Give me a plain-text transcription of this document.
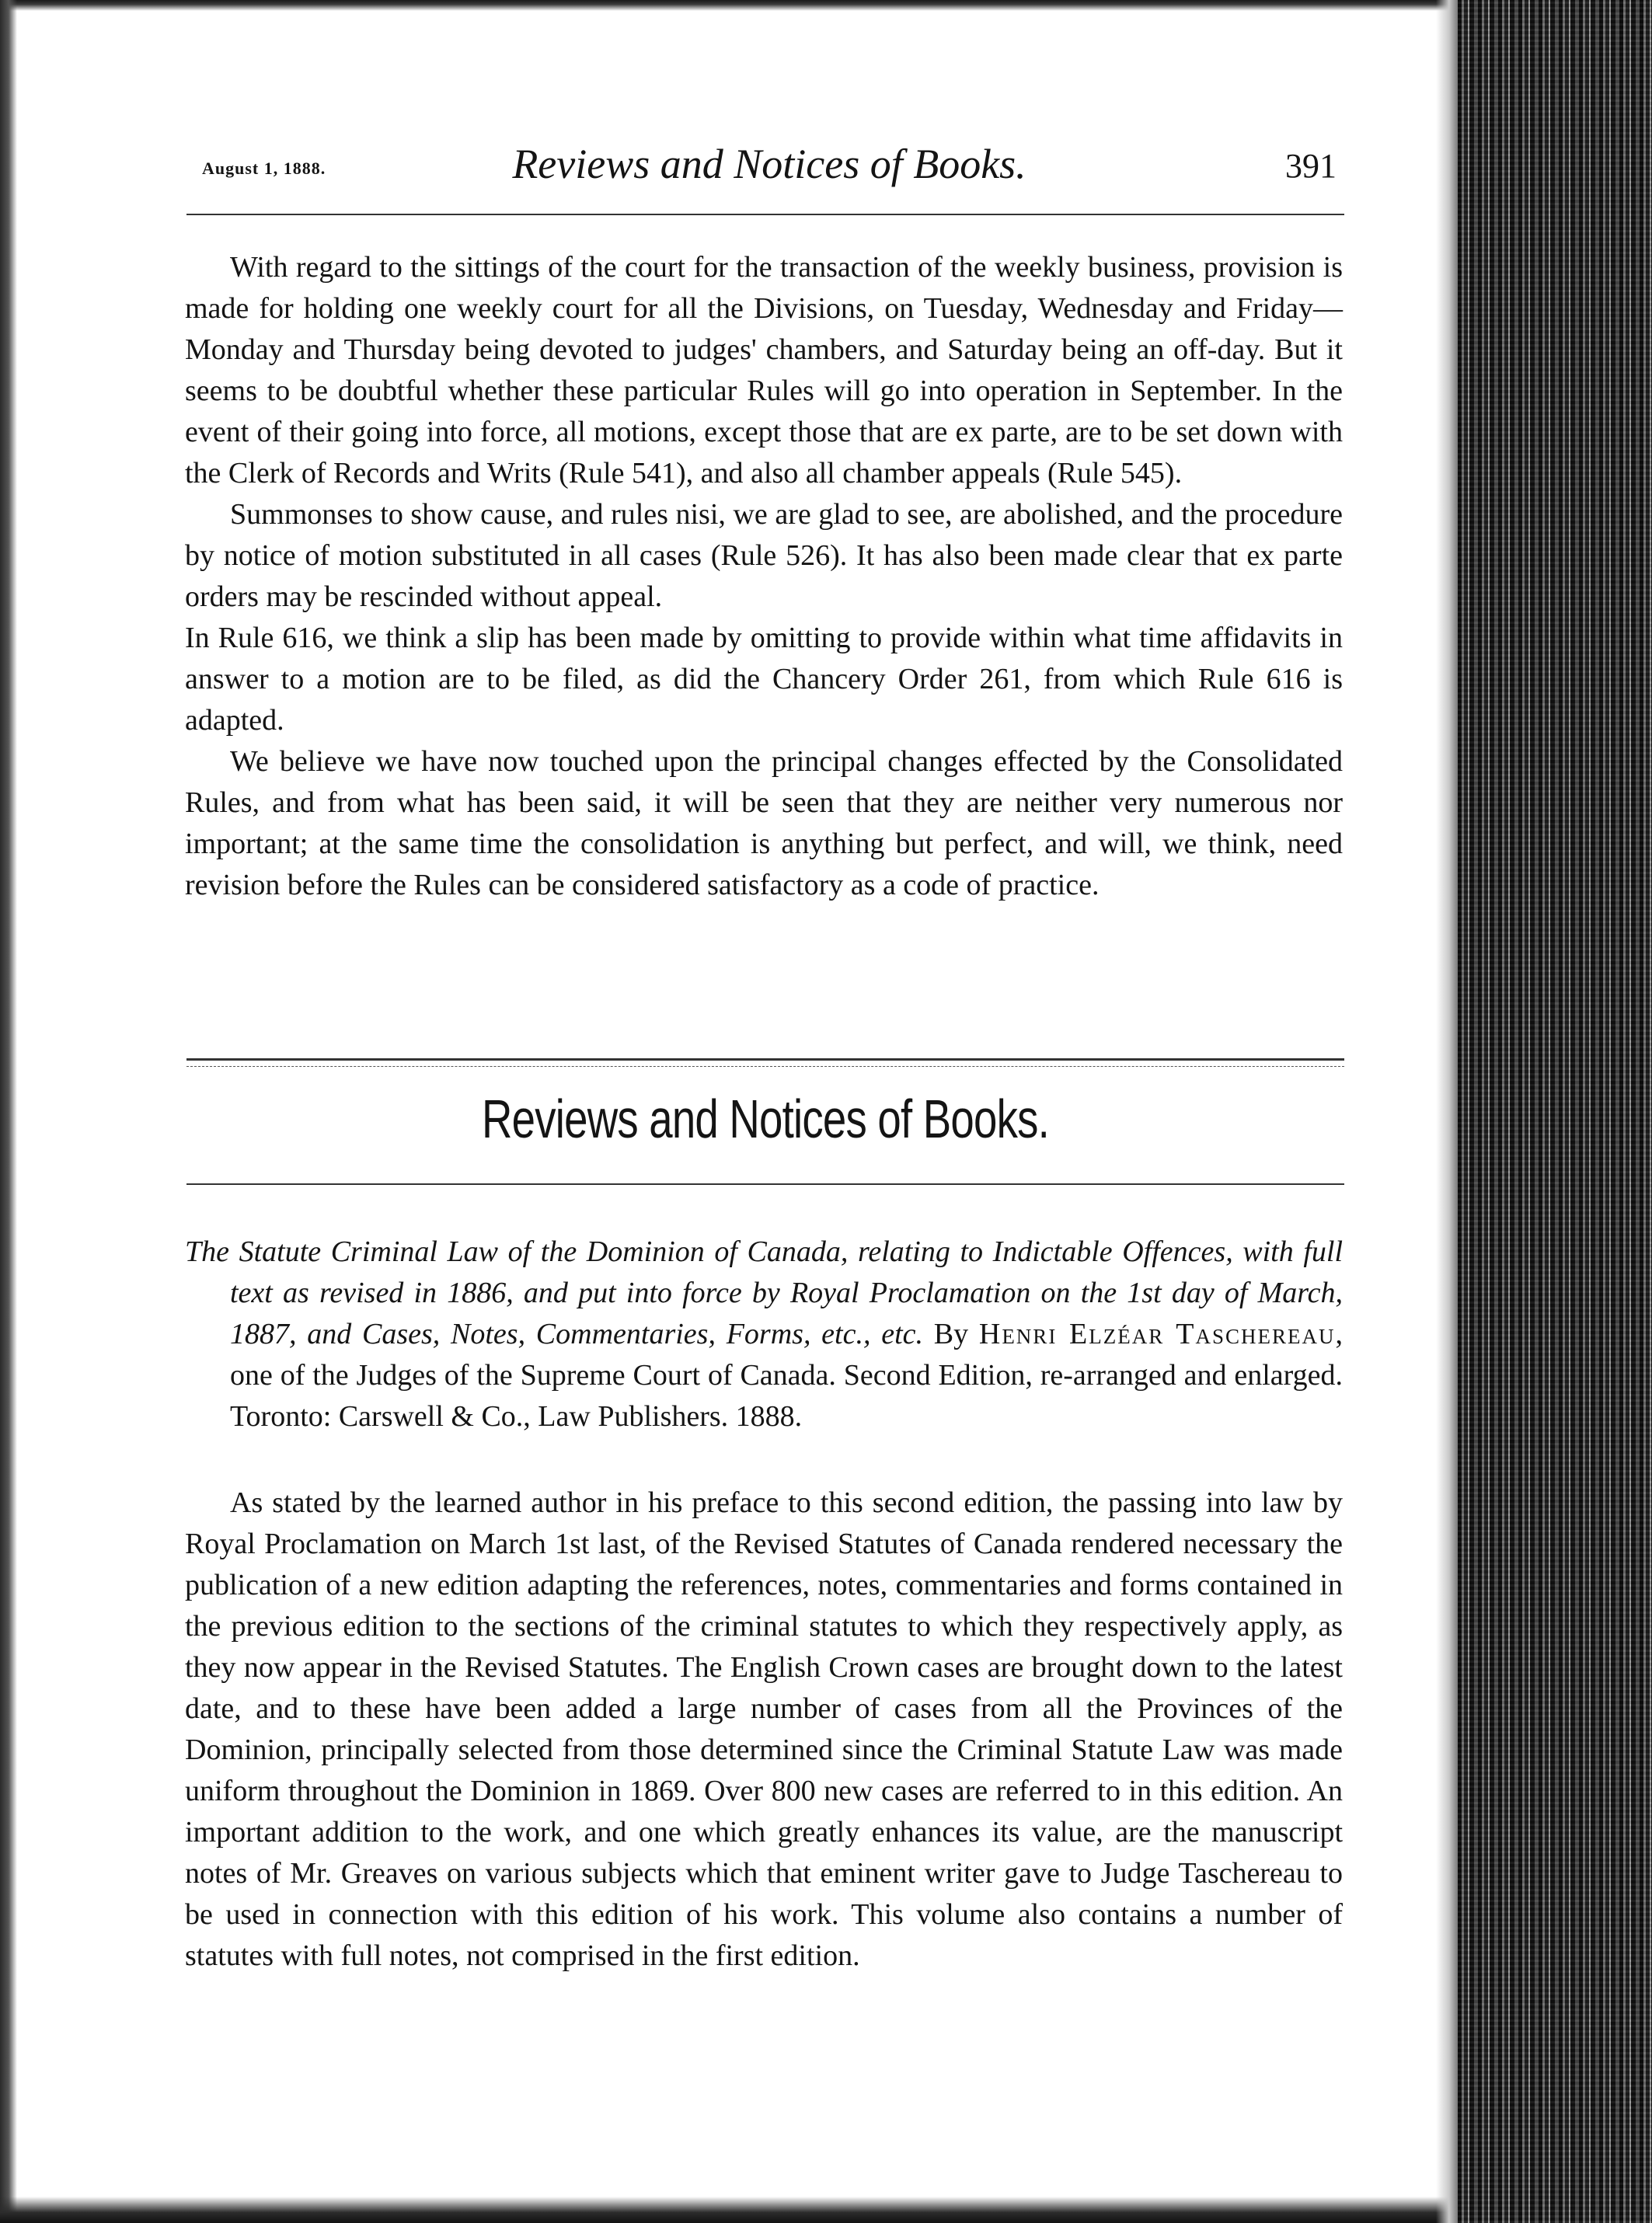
August 1, 1888.	Reviews and Notices of Books.	391

With regard to the sittings of the court for the transaction of the weekly business, provision is made for holding one weekly court for all the Divisions, on Tuesday, Wednesday and Friday—Monday and Thursday being devoted to judges' chambers, and Saturday being an off-day. But it seems to be doubtful whether these particular Rules will go into operation in September. In the event of their going into force, all motions, except those that are ex parte, are to be set down with the Clerk of Records and Writs (Rule 541), and also all chamber appeals (Rule 545).

Summonses to show cause, and rules nisi, we are glad to see, are abolished, and the procedure by notice of motion substituted in all cases (Rule 526). It has also been made clear that ex parte orders may be rescinded without appeal.

In Rule 616, we think a slip has been made by omitting to provide within what time affidavits in answer to a motion are to be filed, as did the Chancery Order 261, from which Rule 616 is adapted.

We believe we have now touched upon the principal changes effected by the Consolidated Rules, and from what has been said, it will be seen that they are neither very numerous nor important; at the same time the consolidation is anything but perfect, and will, we think, need revision before the Rules can be considered satisfactory as a code of practice.

Reviews and Notices of Books.

The Statute Criminal Law of the Dominion of Canada, relating to Indictable Offences, with full text as revised in 1886, and put into force by Royal Proclamation on the 1st day of March, 1887, and Cases, Notes, Commentaries, Forms, etc., etc. By Henri Elzéar Taschereau, one of the Judges of the Supreme Court of Canada. Second Edition, re-arranged and enlarged. Toronto: Carswell & Co., Law Publishers. 1888.

As stated by the learned author in his preface to this second edition, the passing into law by Royal Proclamation on March 1st last, of the Revised Statutes of Canada rendered necessary the publication of a new edition adapting the references, notes, commentaries and forms contained in the previous edition to the sections of the criminal statutes to which they respectively apply, as they now appear in the Revised Statutes. The English Crown cases are brought down to the latest date, and to these have been added a large number of cases from all the Provinces of the Dominion, principally selected from those determined since the Criminal Statute Law was made uniform throughout the Dominion in 1869. Over 800 new cases are referred to in this edition. An important addition to the work, and one which greatly enhances its value, are the manuscript notes of Mr. Greaves on various subjects which that eminent writer gave to Judge Taschereau to be used in connection with this edition of his work. This volume also contains a number of statutes with full notes, not comprised in the first edition.
